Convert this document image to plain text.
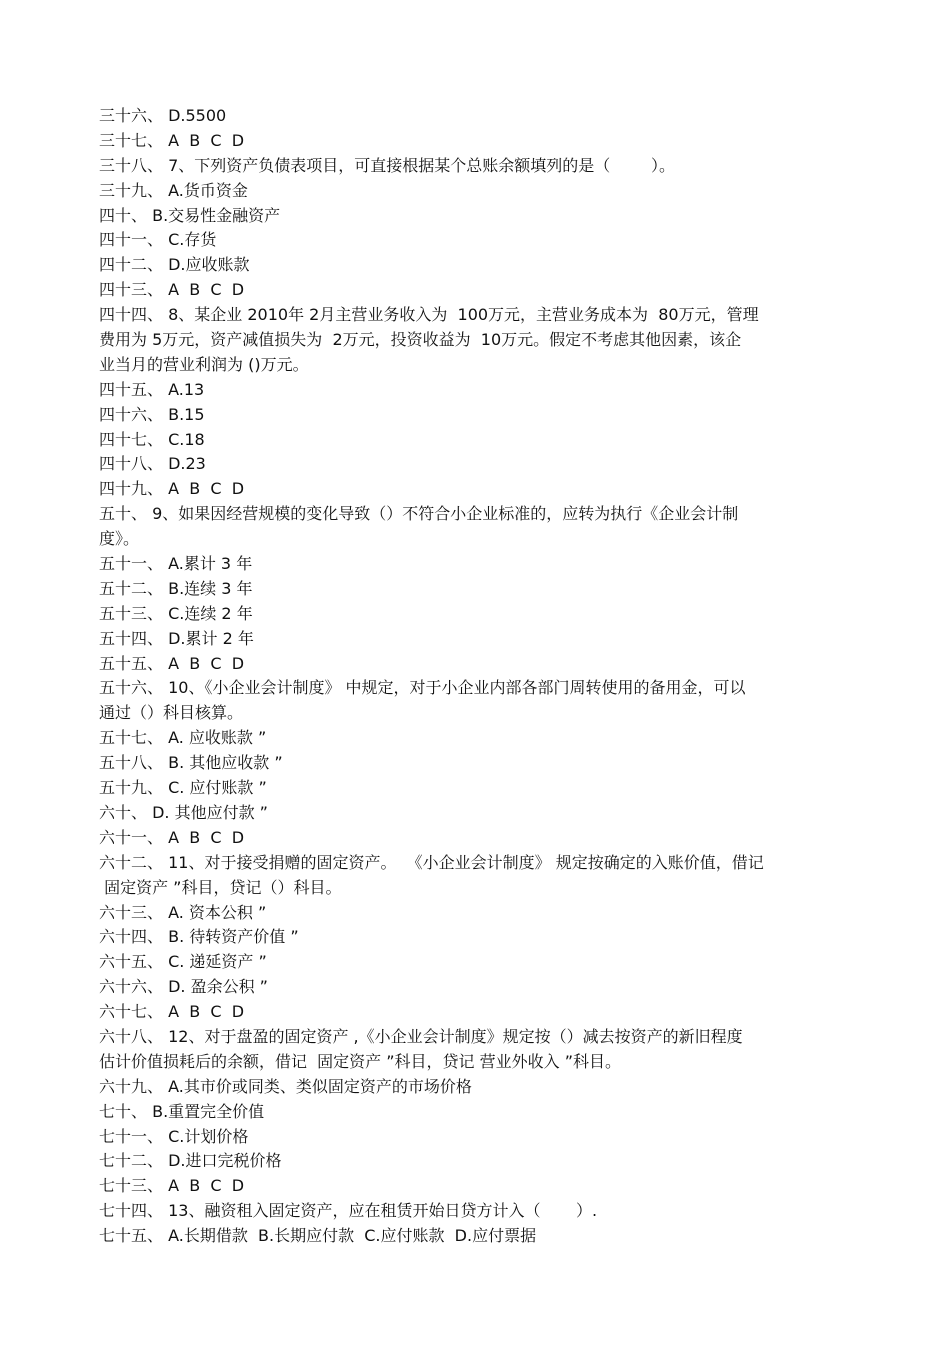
三十六、 D.5500
三十七、 A  B  C  D
三十八、 7、下列资产负债表项目，可直接根据某个总账余额填列的是（        ）。
三十九、 A.货币资金
四十、 B.交易性金融资产
四十一、 C.存货
四十二、 D.应收账款
四十三、 A  B  C  D
四十四、 8、某企业 2010年 2月主营业务收入为  100万元，主营业务成本为  80万元，管理
费用为 5万元，资产减值损失为  2万元，投资收益为  10万元。假定不考虑其他因素，该企
业当月的营业利润为 ()万元。
四十五、 A.13
四十六、 B.15
四十七、 C.18
四十八、 D.23
四十九、 A  B  C  D
五十、 9、如果因经营规模的变化导致（）不符合小企业标准的，应转为执行《企业会计制
度》。
五十一、 A.累计 3 年
五十二、 B.连续 3 年
五十三、 C.连续 2 年
五十四、 D.累计 2 年
五十五、 A  B  C  D
五十六、 10、《小企业会计制度》 中规定，对于小企业内部各部门周转使用的备用金，可以
通过（）科目核算。
五十七、 A. 应收账款 ”
五十八、 B. 其他应收款 ”
五十九、 C. 应付账款 ”
六十、 D. 其他应付款 ”
六十一、 A  B  C  D
六十二、 11、对于接受捐赠的固定资产。  《小企业会计制度》 规定按确定的入账价值，借记
固定资产 ”科目，贷记（）科目。
六十三、 A. 资本公积 ”
六十四、 B. 待转资产价值 ”
六十五、 C. 递延资产 ”
六十六、 D. 盈余公积 ”
六十七、 A  B  C  D
六十八、 12、对于盘盈的固定资产 ,《小企业会计制度》规定按（）减去按资产的新旧程度
估计价值损耗后的余额，借记  固定资产 ”科目，贷记 营业外收入 ”科目。
六十九、 A.其市价或同类、类似固定资产的市场价格
七十、 B.重置完全价值
七十一、 C.计划价格
七十二、 D.进口完税价格
七十三、 A  B  C  D
七十四、 13、融资租入固定资产，应在租赁开始日贷方计入（       ）.
七十五、 A.长期借款  B.长期应付款  C.应付账款  D.应付票据
